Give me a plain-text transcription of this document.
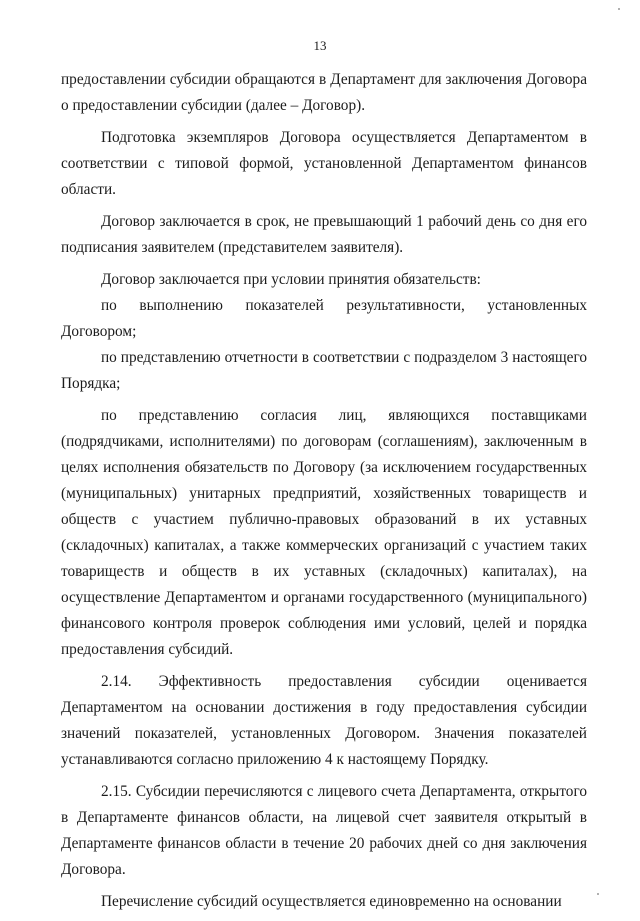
13

предоставлении субсидии обращаются в Департамент для заключения Договора о предоставлении субсидии (далее – Договор).

Подготовка экземпляров Договора осуществляется Департаментом в соответствии с типовой формой, установленной Департаментом финансов области.

Договор заключается в срок, не превышающий 1 рабочий день со дня его подписания заявителем (представителем заявителя).

Договор заключается при условии принятия обязательств:

по выполнению показателей результативности, установленных Договором;

по представлению отчетности в соответствии с подразделом 3 настоящего Порядка;

по представлению согласия лиц, являющихся поставщиками (подрядчиками, исполнителями) по договорам (соглашениям), заключенным в целях исполнения обязательств по Договору (за исключением государственных (муниципальных) унитарных предприятий, хозяйственных товариществ и обществ с участием публично-правовых образований в их уставных (складочных) капиталах, а также коммерческих организаций с участием таких товариществ и обществ в их уставных (складочных) капиталах), на осуществление Департаментом и органами государственного (муниципального) финансового контроля проверок соблюдения ими условий, целей и порядка предоставления субсидий.

2.14. Эффективность предоставления субсидии оценивается Департаментом на основании достижения в году предоставления субсидии значений показателей, установленных Договором. Значения показателей устанавливаются согласно приложению 4 к настоящему Порядку.

2.15. Субсидии перечисляются с лицевого счета Департамента, открытого в Департаменте финансов области, на лицевой счет заявителя открытый в Департаменте финансов области в течение 20 рабочих дней со дня заключения Договора.

Перечисление субсидий осуществляется единовременно на основании
